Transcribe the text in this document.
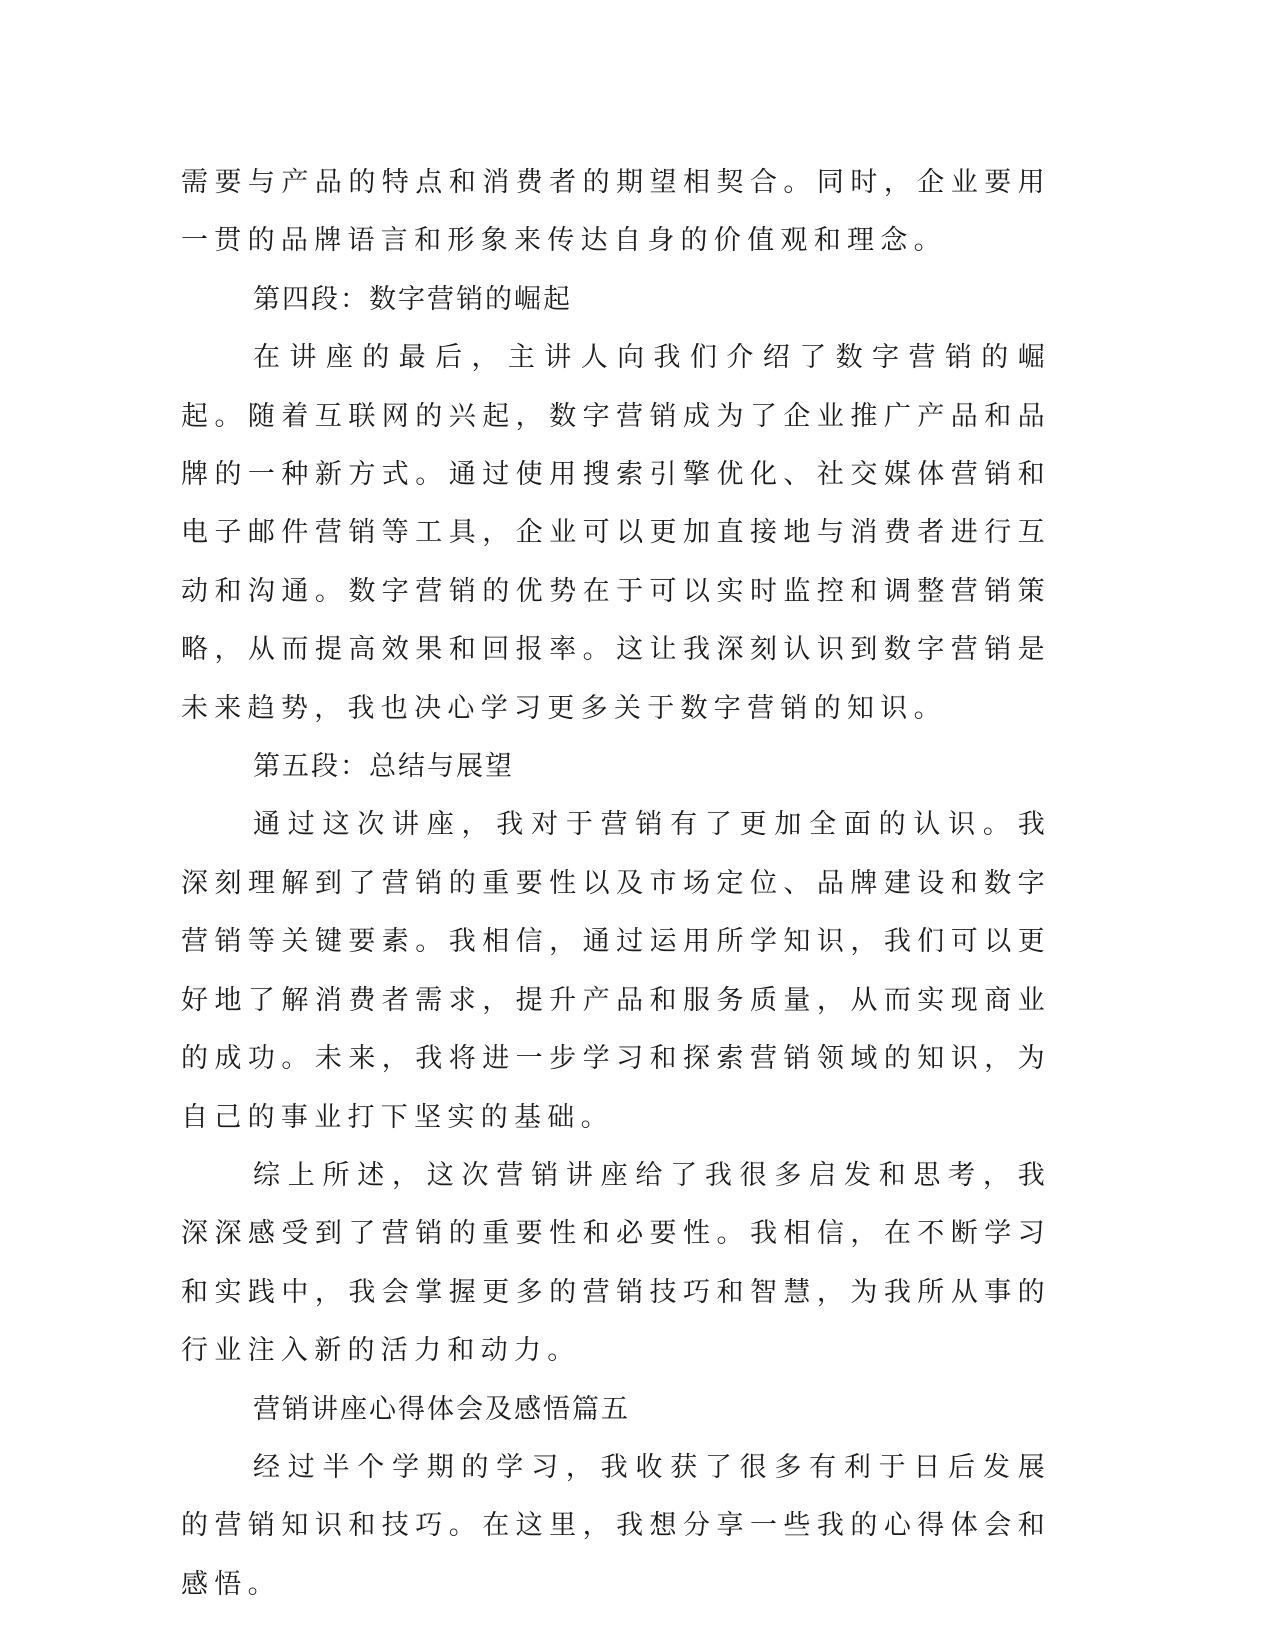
需要与产品的特点和消费者的期望相契合。同时，企业要用一贯的品牌语言和形象来传达自身的价值观和理念。

第四段：数字营销的崛起

在讲座的最后，主讲人向我们介绍了数字营销的崛起。随着互联网的兴起，数字营销成为了企业推广产品和品牌的一种新方式。通过使用搜索引擎优化、社交媒体营销和电子邮件营销等工具，企业可以更加直接地与消费者进行互动和沟通。数字营销的优势在于可以实时监控和调整营销策略，从而提高效果和回报率。这让我深刻认识到数字营销是未来趋势，我也决心学习更多关于数字营销的知识。

第五段：总结与展望

通过这次讲座，我对于营销有了更加全面的认识。我深刻理解到了营销的重要性以及市场定位、品牌建设和数字营销等关键要素。我相信，通过运用所学知识，我们可以更好地了解消费者需求，提升产品和服务质量，从而实现商业的成功。未来，我将进一步学习和探索营销领域的知识，为自己的事业打下坚实的基础。

综上所述，这次营销讲座给了我很多启发和思考，我深深感受到了营销的重要性和必要性。我相信，在不断学习和实践中，我会掌握更多的营销技巧和智慧，为我所从事的行业注入新的活力和动力。

营销讲座心得体会及感悟篇五

经过半个学期的学习，我收获了很多有利于日后发展的营销知识和技巧。在这里，我想分享一些我的心得体会和感悟。
